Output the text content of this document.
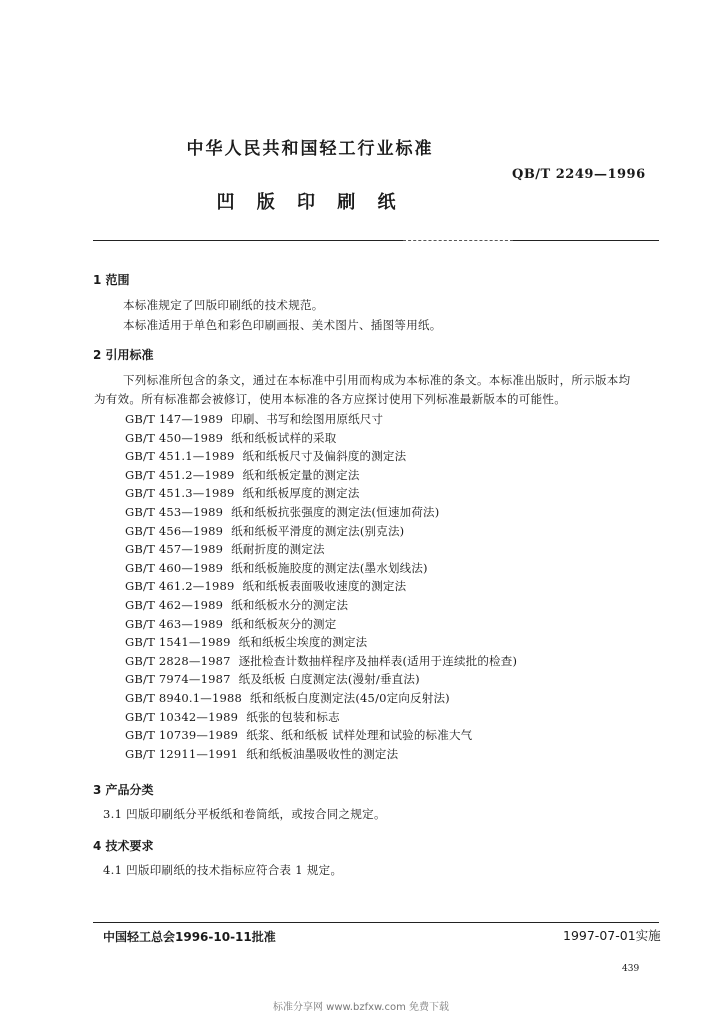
中华人民共和国轻工行业标准
QB/T 2249—1996
凹 版 印 刷 纸
1 范围
本标准规定了凹版印刷纸的技术规范。
本标准适用于单色和彩色印刷画报、美术图片、插图等用纸。
2 引用标准
下列标准所包含的条文，通过在本标准中引用而构成为本标准的条文。本标准出版时，所示版本均
为有效。所有标准都会被修订，使用本标准的各方应探讨使用下列标准最新版本的可能性。
GB/T 147—1989 印刷、书写和绘图用原纸尺寸
GB/T 450—1989 纸和纸板试样的采取
GB/T 451.1—1989 纸和纸板尺寸及偏斜度的测定法
GB/T 451.2—1989 纸和纸板定量的测定法
GB/T 451.3—1989 纸和纸板厚度的测定法
GB/T 453—1989 纸和纸板抗张强度的测定法(恒速加荷法)
GB/T 456—1989 纸和纸板平滑度的测定法(别克法)
GB/T 457—1989 纸耐折度的测定法
GB/T 460—1989 纸和纸板施胶度的测定法(墨水划线法)
GB/T 461.2—1989 纸和纸板表面吸收速度的测定法
GB/T 462—1989 纸和纸板水分的测定法
GB/T 463—1989 纸和纸板灰分的测定
GB/T 1541—1989 纸和纸板尘埃度的测定法
GB/T 2828—1987 逐批检查计数抽样程序及抽样表(适用于连续批的检查)
GB/T 7974—1987 纸及纸板 白度测定法(漫射/垂直法)
GB/T 8940.1—1988 纸和纸板白度测定法(45/0定向反射法)
GB/T 10342—1989 纸张的包装和标志
GB/T 10739—1989 纸浆、纸和纸板 试样处理和试验的标准大气
GB/T 12911—1991 纸和纸板油墨吸收性的测定法
3 产品分类
3.1 凹版印刷纸分平板纸和卷筒纸，或按合同之规定。
4 技术要求
4.1 凹版印刷纸的技术指标应符合表 1 规定。
中国轻工总会1996-10-11批准	1997-07-01实施
439
标准分享网 www.bzfxw.com 免费下载
